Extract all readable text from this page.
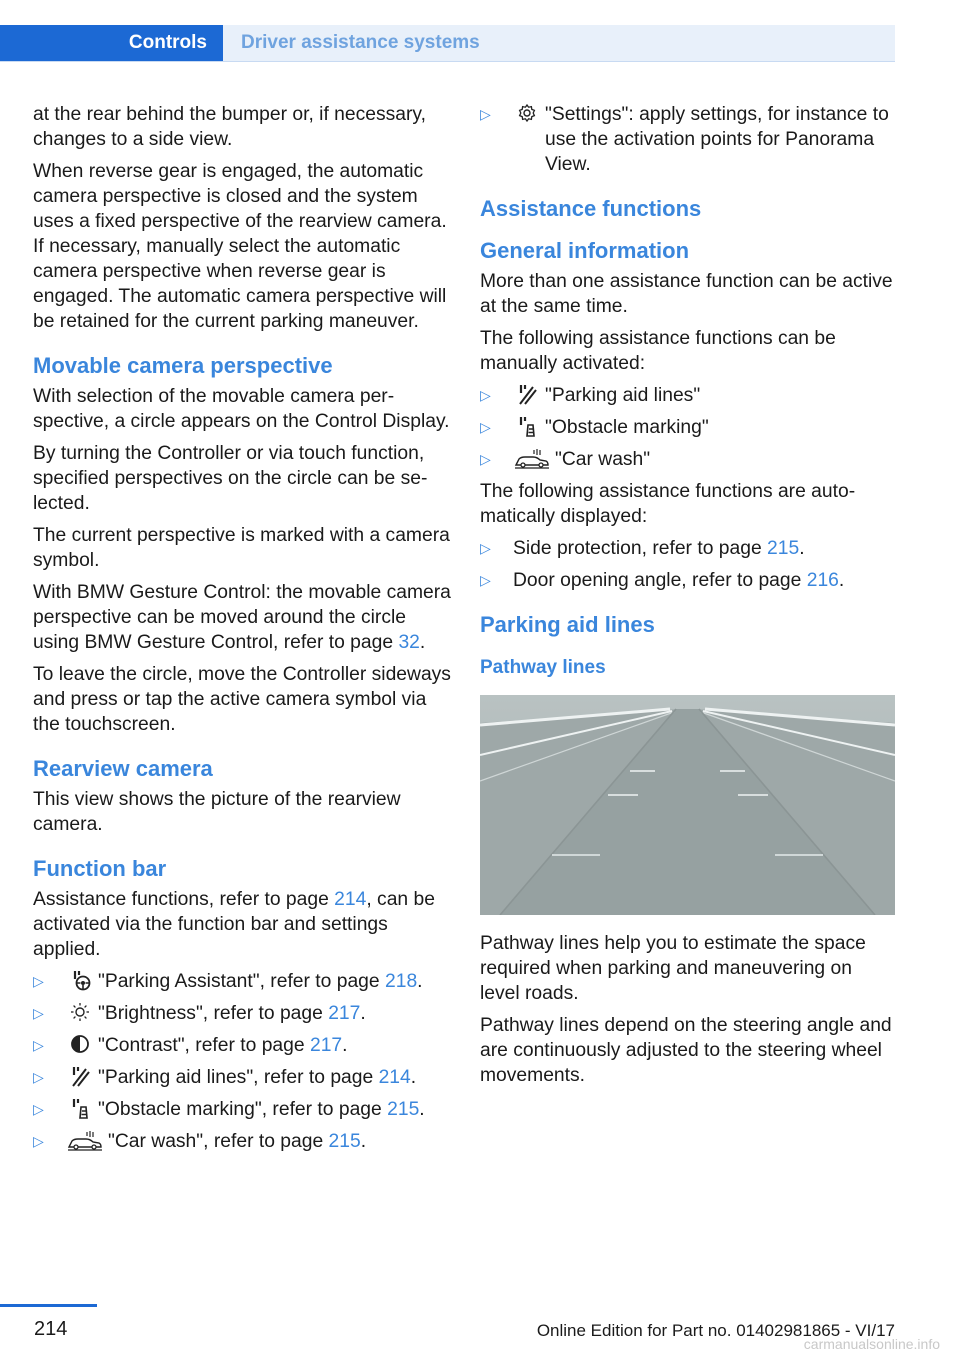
Controls	Driver assistance systems

at the rear behind the bumper or, if necessary, changes to a side view.

When reverse gear is engaged, the automatic camera perspective is closed and the system uses a fixed perspective of the rearview camera. If necessary, manually select the automatic camera perspective when reverse gear is engaged. The automatic camera perspective will be retained for the current parking maneuver.

Movable camera perspective

With selection of the movable camera perspective, a circle appears on the Control Display.

By turning the Controller or via touch function, specified perspectives on the circle can be selected.

The current perspective is marked with a camera symbol.

With BMW Gesture Control: the movable camera perspective can be moved around the circle using BMW Gesture Control, refer to page 32.

To leave the circle, move the Controller sideways and press or tap the active camera symbol via the touchscreen.

Rearview camera

This view shows the picture of the rearview camera.

Function bar

Assistance functions, refer to page 214, can be activated via the function bar and settings applied.

▷	"Parking Assistant", refer to page 218.
▷	"Brightness", refer to page 217.
▷	"Contrast", refer to page 217.
▷	"Parking aid lines", refer to page 214.
▷	"Obstacle marking", refer to page 215.
▷	"Car wash", refer to page 215.
▷	"Settings": apply settings, for instance to use the activation points for Panorama View.
Assistance functions
General information

More than one assistance function can be active at the same time.

The following assistance functions can be manually activated:

▷	"Parking aid lines"
▷	"Obstacle marking"
▷	"Car wash"

The following assistance functions are automatically displayed:

▷ Side protection, refer to page 215.
▷ Door opening angle, refer to page 216.
Parking aid lines
Pathway lines

Pathway lines help you to estimate the space required when parking and maneuvering on level roads.

Pathway lines depend on the steering angle and are continuously adjusted to the steering wheel movements.

214	Online Edition for Part no. 01402981865 - VI/17
carmanualsonline.info
